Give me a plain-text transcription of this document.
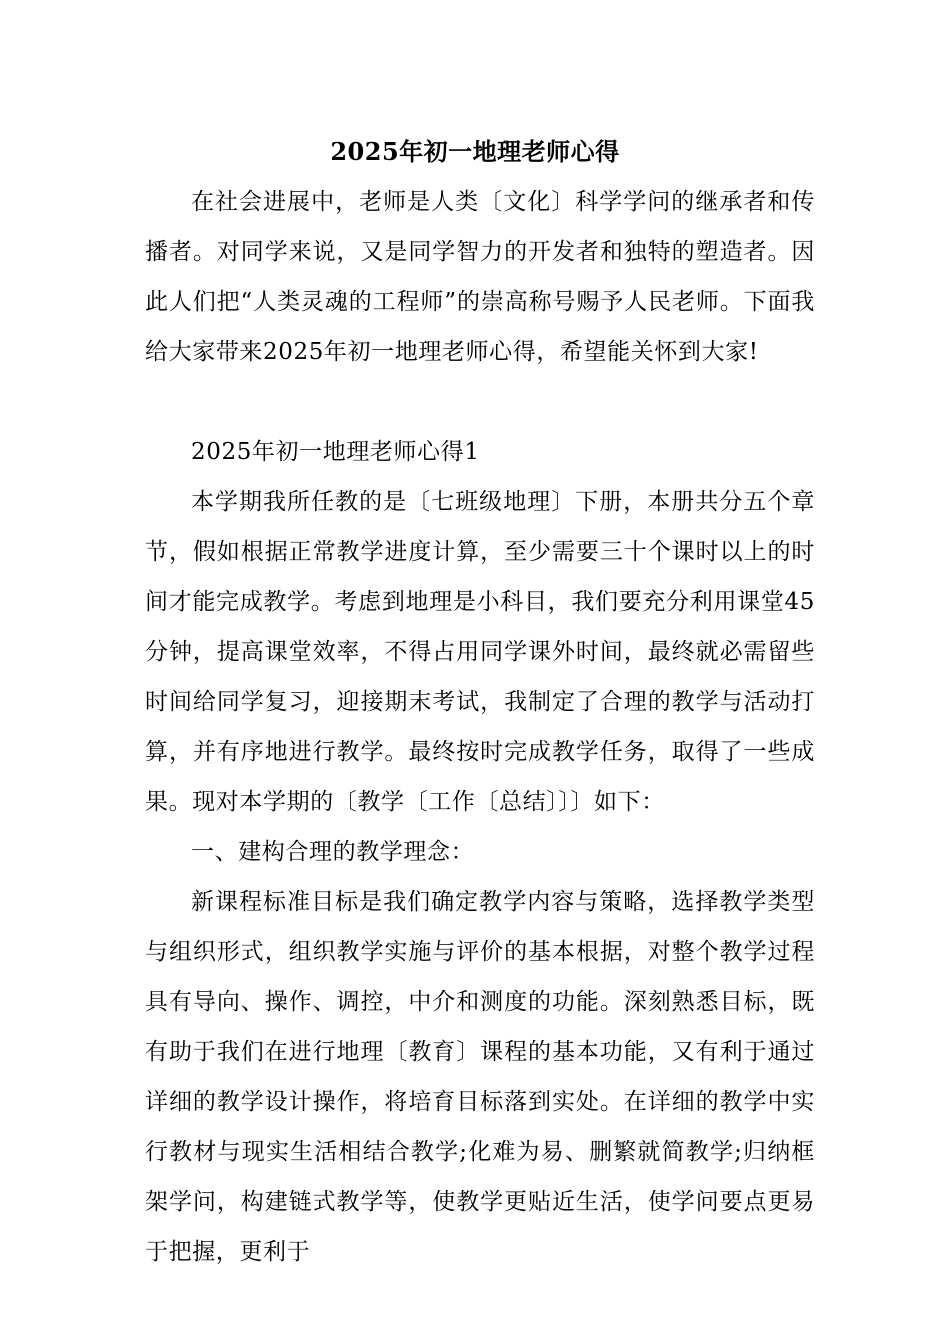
2025年初一地理老师心得

在社会进展中，老师是人类〔文化〕科学学问的继承者和传播者。对同学来说，又是同学智力的开发者和独特的塑造者。因此人们把“人类灵魂的工程师”的崇高称号赐予人民老师。下面我给大家带来2025年初一地理老师心得，希望能关怀到大家!

2025年初一地理老师心得1

本学期我所任教的是〔七班级地理〕下册，本册共分五个章节，假如根据正常教学进度计算，至少需要三十个课时以上的时间才能完成教学。考虑到地理是小科目，我们要充分利用课堂45分钟，提高课堂效率，不得占用同学课外时间，最终就必需留些时间给同学复习，迎接期末考试，我制定了合理的教学与活动打算，并有序地进行教学。最终按时完成教学任务，取得了一些成果。现对本学期的〔教学〔工作〔总结〕〕〕如下：

一、建构合理的教学理念：

新课程标准目标是我们确定教学内容与策略，选择教学类型与组织形式，组织教学实施与评价的基本根据，对整个教学过程具有导向、操作、调控，中介和测度的功能。深刻熟悉目标，既有助于我们在进行地理〔教育〕课程的基本功能，又有利于通过详细的教学设计操作，将培育目标落到实处。在详细的教学中实行教材与现实生活相结合教学;化难为易、删繁就简教学;归纳框架学问，构建链式教学等，使教学更贴近生活，使学问要点更易于把握，更利于
